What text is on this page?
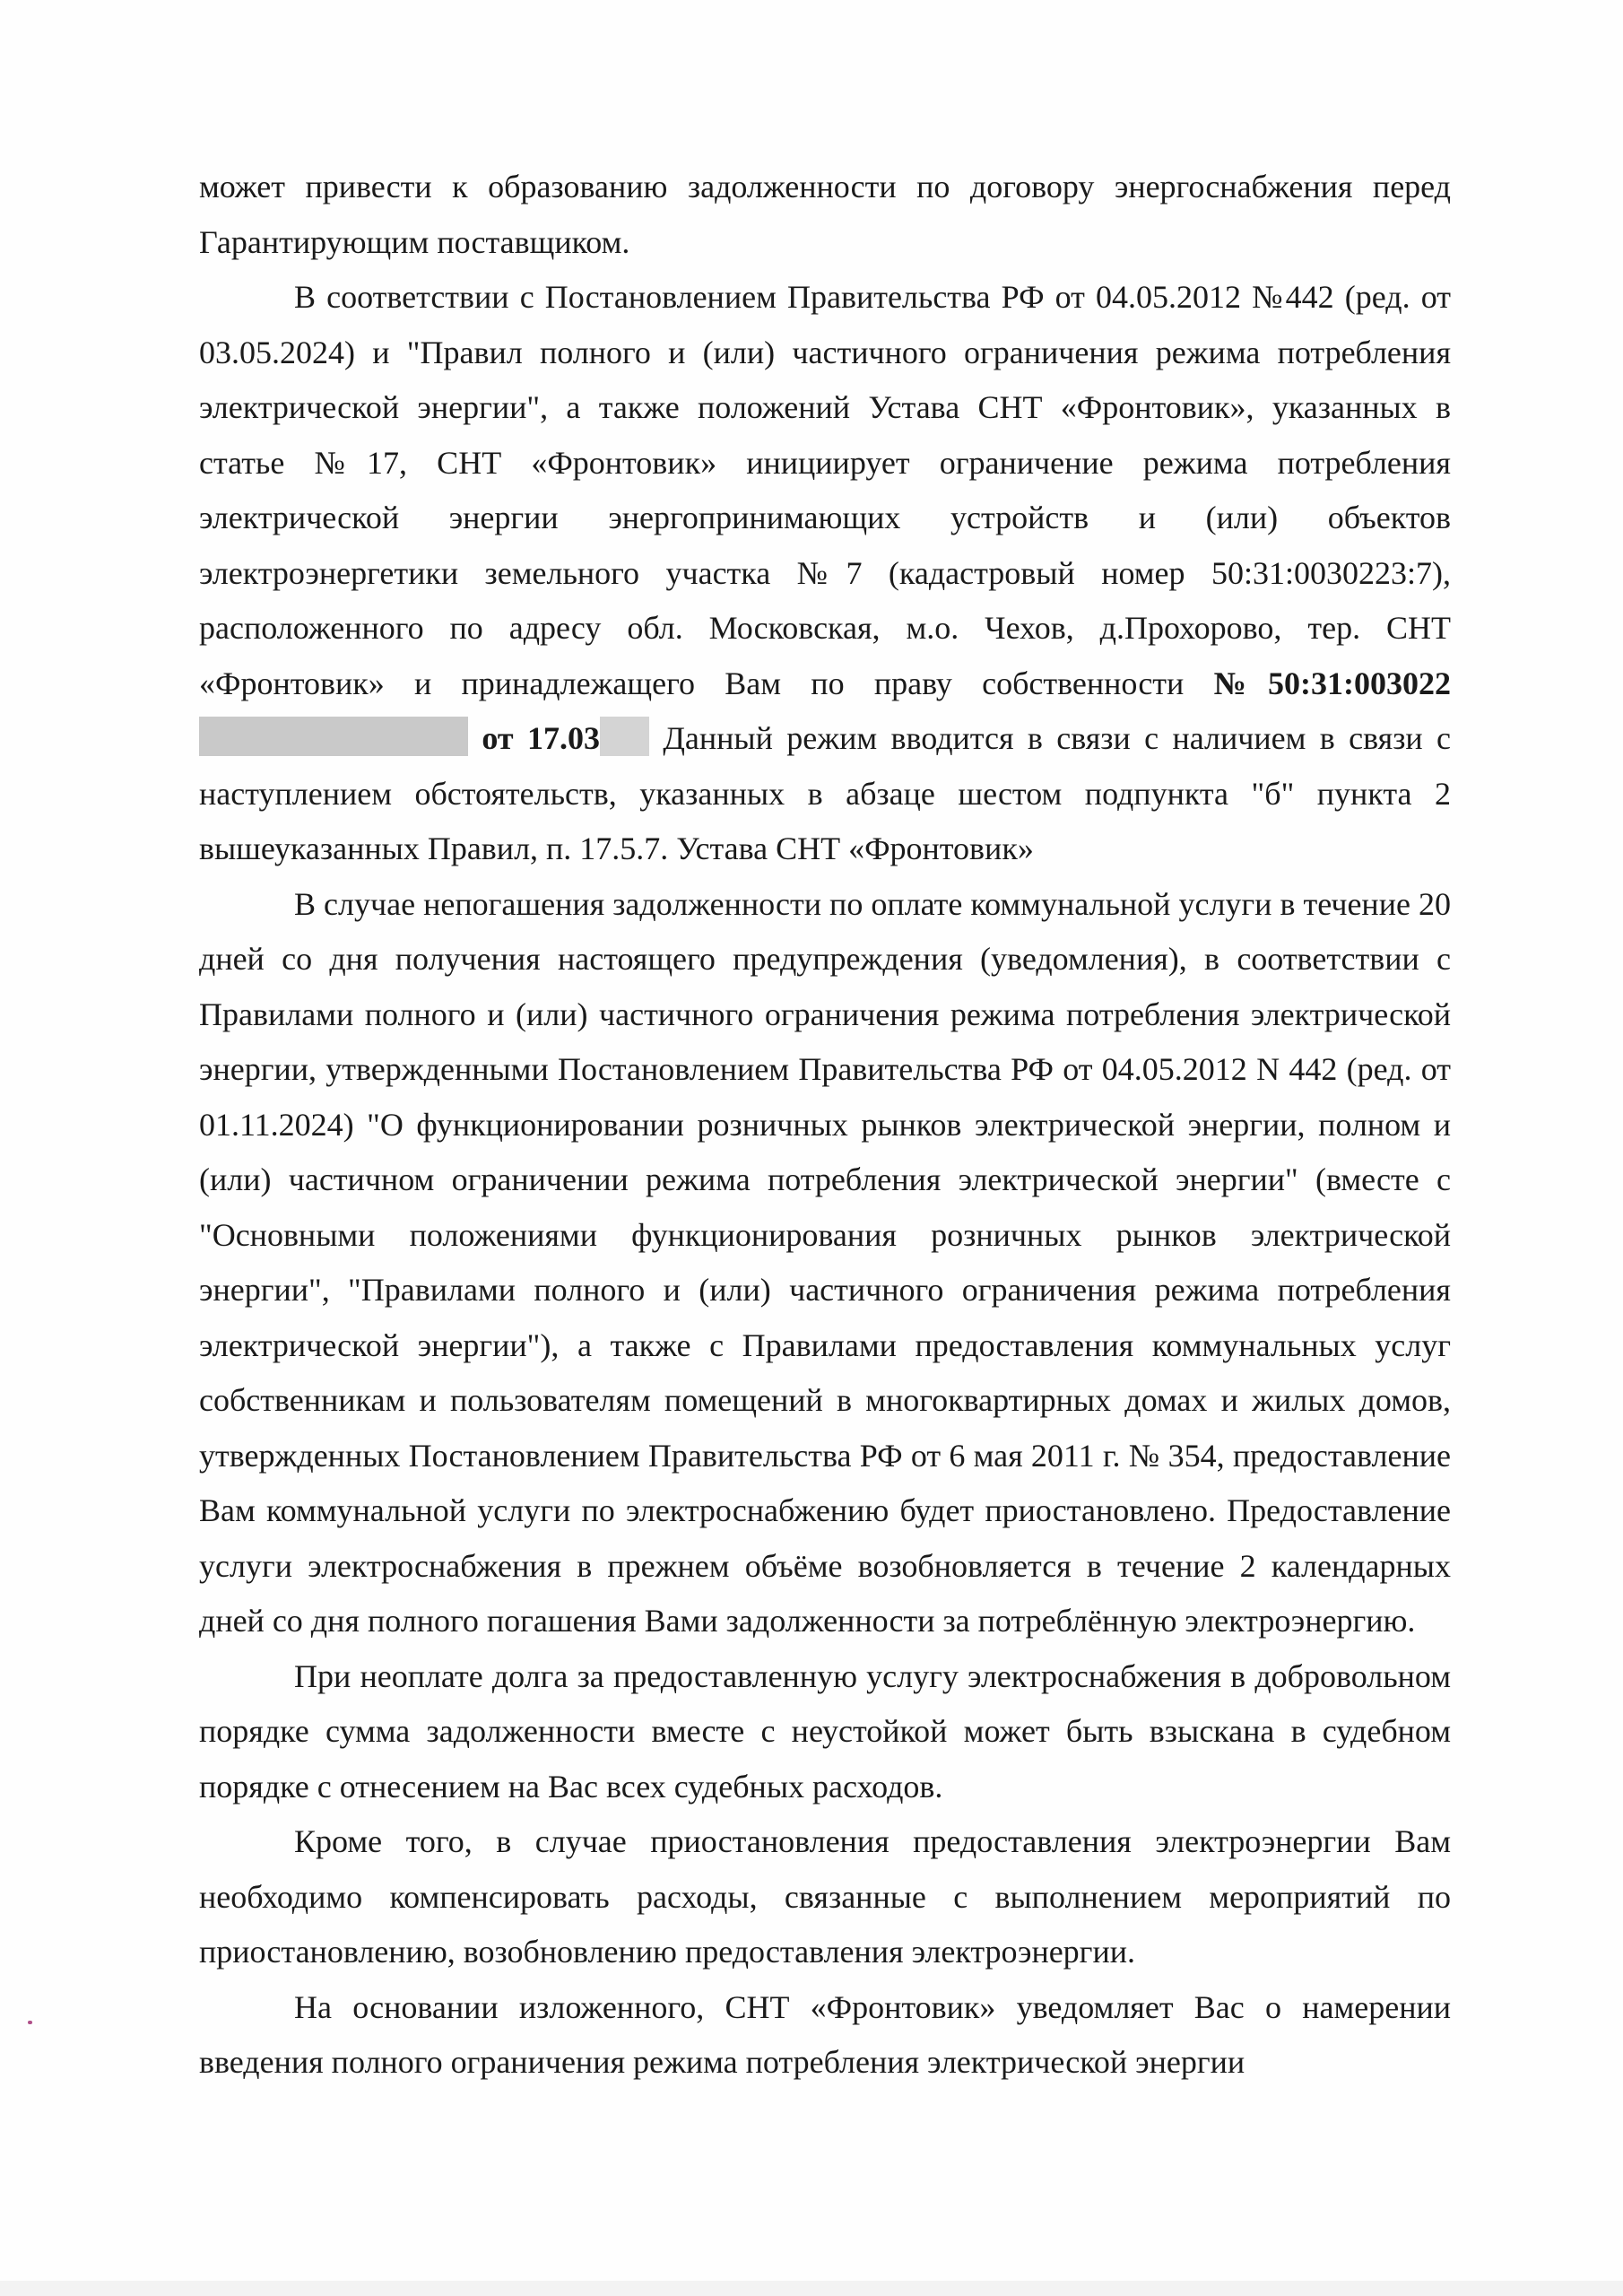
может привести к образованию задолженности по договору энергоснабжения перед Гарантирующим поставщиком.

В соответствии с Постановлением Правительства РФ от 04.05.2012 №442 (ред. от 03.05.2024) и "Правил полного и (или) частичного ограничения режима потребления электрической энергии", а также положений Устава СНТ «Фронтовик», указанных в статье №17, СНТ «Фронтовик» инициирует ограничение режима потребления электрической энергии энергопринимающих устройств и (или) объектов электроэнергетики земельного участка №7 (кадастровый номер 50:31:0030223:7), расположенного по адресу обл. Московская, м.о. Чехов, д.Прохорово, тер. СНТ «Фронтовик» и принадлежащего Вам по праву собственности №50:31:003022 от 17.03 Данный режим вводится в связи с наличием в связи с наступлением обстоятельств, указанных в абзаце шестом подпункта "б" пункта 2 вышеуказанных Правил, п. 17.5.7. Устава СНТ «Фронтовик»

В случае непогашения задолженности по оплате коммунальной услуги в течение 20 дней со дня получения настоящего предупреждения (уведомления), в соответствии с Правилами полного и (или) частичного ограничения режима потребления электрической энергии, утвержденными Постановлением Правительства РФ от 04.05.2012 N 442 (ред. от 01.11.2024) "О функционировании розничных рынков электрической энергии, полном и (или) частичном ограничении режима потребления электрической энергии" (вместе с "Основными положениями функционирования розничных рынков электрической энергии", "Правилами полного и (или) частичного ограничения режима потребления электрической энергии"), а также с Правилами предоставления коммунальных услуг собственникам и пользователям помещений в многоквартирных домах и жилых домов, утвержденных Постановлением Правительства РФ от 6 мая 2011 г. № 354, предоставление Вам коммунальной услуги по электроснабжению будет приостановлено. Предоставление услуги электроснабжения в прежнем объёме возобновляется в течение 2 календарных дней со дня полного погашения Вами задолженности за потреблённую электроэнергию.

При неоплате долга за предоставленную услугу электроснабжения в добровольном порядке сумма задолженности вместе с неустойкой может быть взыскана в судебном порядке с отнесением на Вас всех судебных расходов.

Кроме того, в случае приостановления предоставления электроэнергии Вам необходимо компенсировать расходы, связанные с выполнением мероприятий по приостановлению, возобновлению предоставления электроэнергии.

На основании изложенного, СНТ «Фронтовик» уведомляет Вас о намерении введения полного ограничения режима потребления электрической энергии
